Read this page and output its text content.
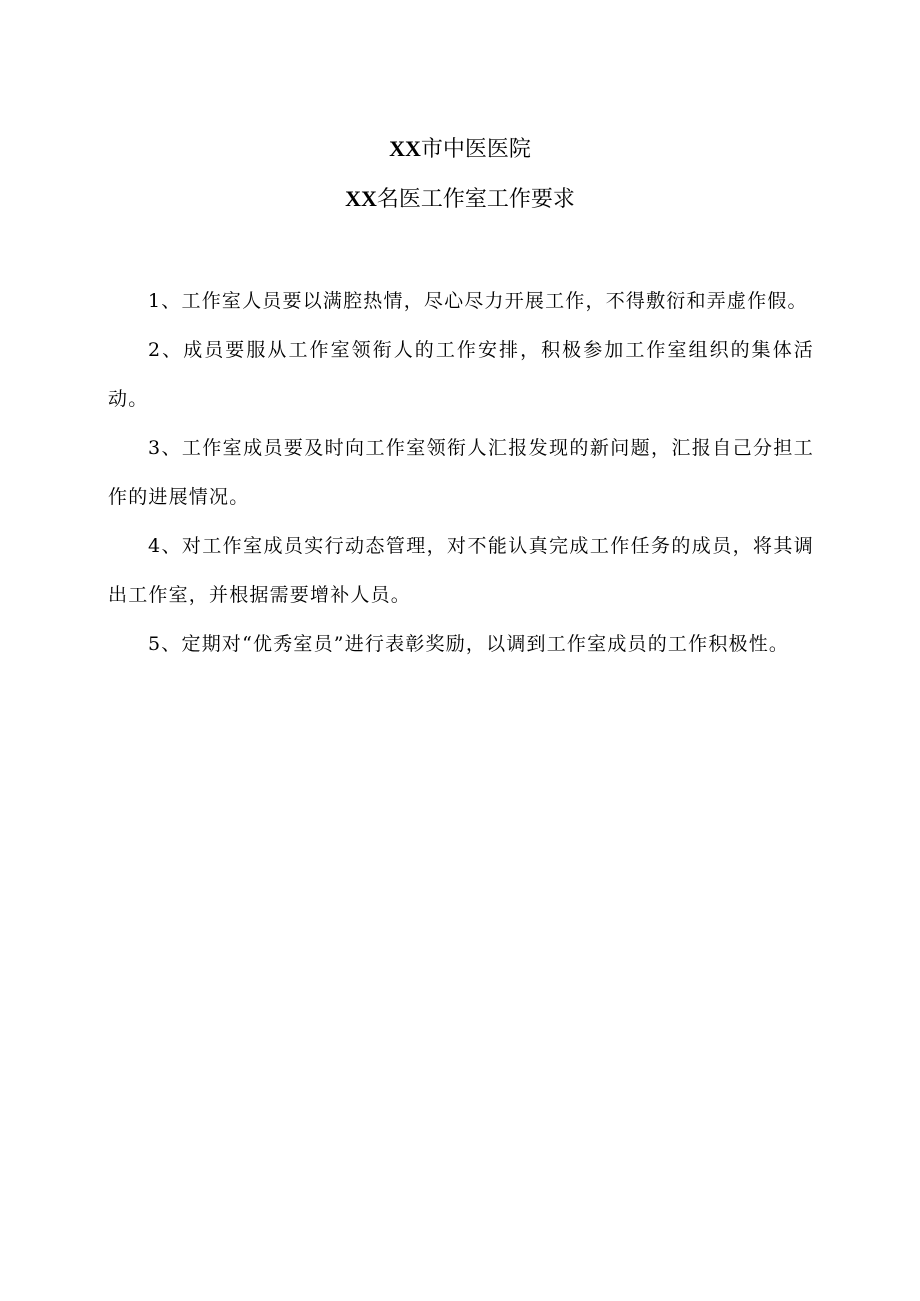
XX市中医医院
XX名医工作室工作要求

1、工作室人员要以满腔热情，尽心尽力开展工作，不得敷衍和弄虚作假。

2、成员要服从工作室领衔人的工作安排，积极参加工作室组织的集体活动。

3、工作室成员要及时向工作室领衔人汇报发现的新问题，汇报自己分担工作的进展情况。

4、对工作室成员实行动态管理，对不能认真完成工作任务的成员，将其调出工作室，并根据需要增补人员。

5、定期对“优秀室员”进行表彰奖励，以调到工作室成员的工作积极性。
